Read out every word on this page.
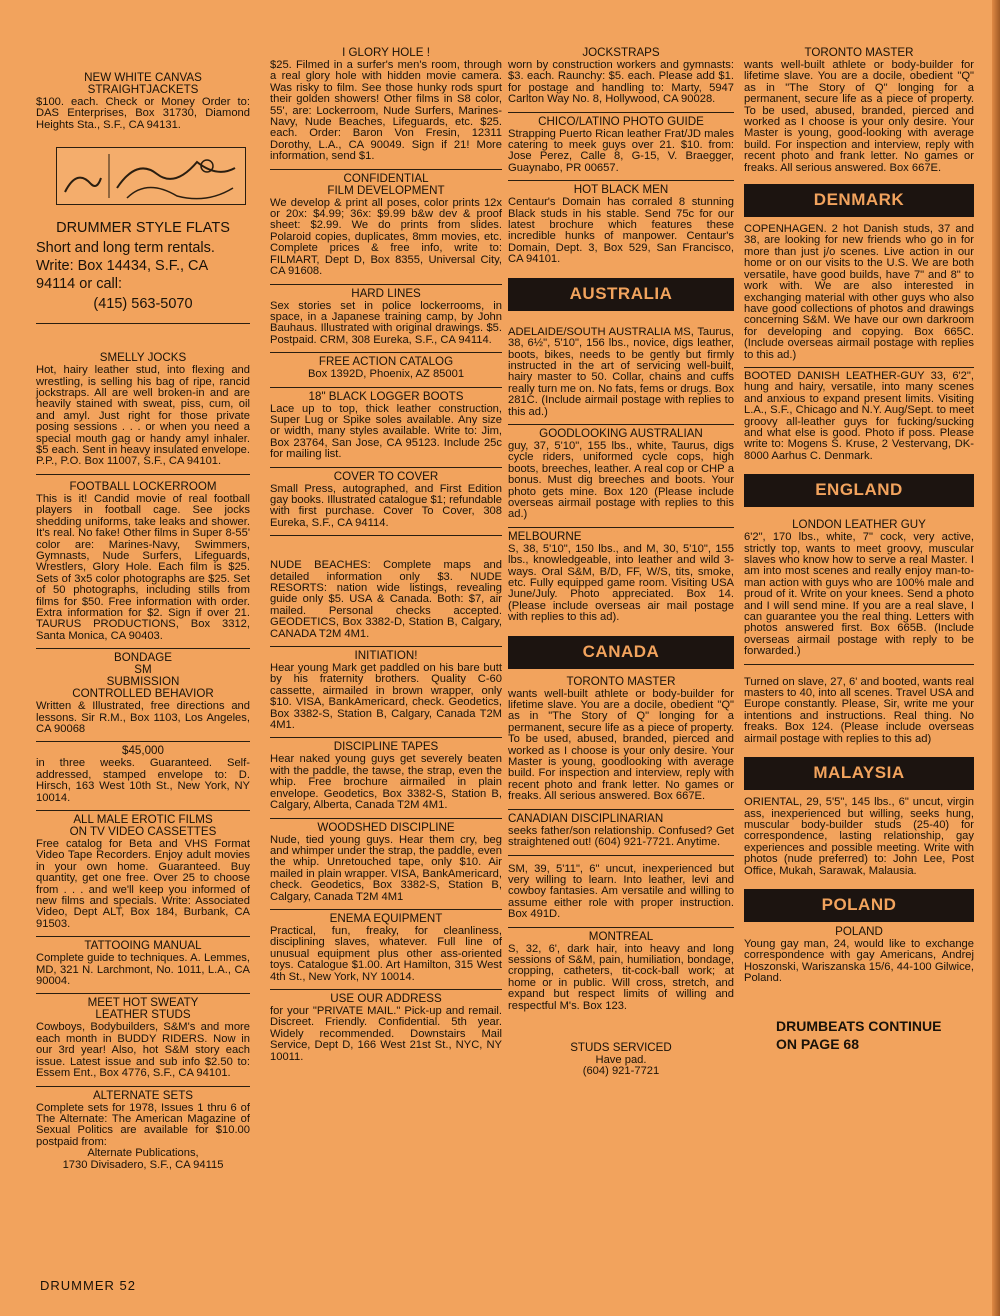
NEW WHITE CANVAS
STRAIGHTJACKETS
$100. each. Check or Money Order to: DAS Enterprises, Box 31730, Diamond Heights Sta., S.F., CA 94131.
DRUMMER STYLE FLATS
Short and long term rentals. Write: Box 14434, S.F., CA 94114 or call:
(415) 563-5070
SMELLY JOCKS
Hot, hairy leather stud, into flexing and wrestling, is selling his bag of ripe, rancid jockstraps. All are well broken-in and are heavily stained with sweat, piss, cum, oil and amyl. Just right for those private posing sessions . . . or when you need a special mouth gag or handy amyl inhaler. $5 each. Sent in heavy insulated envelope. P.P., P.O. Box 11007, S.F., CA 94101.
FOOTBALL LOCKERROOM
This is it! Candid movie of real football players in football cage. See jocks shedding uniforms, take leaks and shower. It's real. No fake! Other films in Super 8-55' color are: Marines-Navy, Swimmers, Gymnasts, Nude Surfers, Lifeguards, Wrestlers, Glory Hole. Each film is $25. Sets of 3x5 color photographs are $25. Set of 50 photographs, including stills from films for $50. Free information with order. Extra information for $2. Sign if over 21. TAURUS PRODUCTIONS, Box 3312, Santa Monica, CA 90403.
BONDAGE
SM
SUBMISSION
CONTROLLED BEHAVIOR
Written & Illustrated, free directions and lessons. Sir R.M., Box 1103, Los Angeles, CA 90068
$45,000
in three weeks. Guaranteed. Self-addressed, stamped envelope to: D. Hirsch, 163 West 10th St., New York, NY 10014.
ALL MALE EROTIC FILMS
ON TV VIDEO CASSETTES
Free catalog for Beta and VHS Format Video Tape Recorders. Enjoy adult movies in your own home. Guaranteed. Buy quantity, get one free. Over 25 to choose from . . . and we'll keep you informed of new films and specials. Write: Associated Video, Dept ALT, Box 184, Burbank, CA 91503.
TATTOOING MANUAL
Complete guide to techniques. A. Lemmes, MD, 321 N. Larchmont, No. 1011, L.A., CA 90004.
MEET HOT SWEATY
LEATHER STUDS
Cowboys, Bodybuilders, S&M's and more each month in BUDDY RIDERS. Now in our 3rd year! Also, hot S&M story each issue. Latest issue and sub info $2.50 to: Essem Ent., Box 4776, S.F., CA 94101.
ALTERNATE SETS
Complete sets for 1978, Issues 1 thru 6 of The Alternate: The American Magazine of Sexual Politics are available for $10.00 postpaid from:
Alternate Publications,
1730 Divisadero, S.F., CA 94115
I GLORY HOLE !
$25. Filmed in a surfer's men's room, through a real glory hole with hidden movie camera. Was risky to film. See those hunky rods spurt their golden showers! Other films in S8 color, 55', are: Lockerroom, Nude Surfers, Marines-Navy, Nude Beaches, Lifeguards, etc. $25. each. Order: Baron Von Fresin, 12311 Dorothy, L.A., CA 90049. Sign if 21! More information, send $1.
CONFIDENTIAL
FILM DEVELOPMENT
We develop & print all poses, color prints 12x or 20x: $4.99; 36x: $9.99 b&w dev & proof sheet: $2.99. We do prints from slides. Polaroid copies, duplicates, 8mm movies, etc. Complete prices & free info, write to: FILMART, Dept D, Box 8355, Universal City, CA 91608.
HARD LINES
Sex stories set in police lockerrooms, in space, in a Japanese training camp, by John Bauhaus. Illustrated with original drawings. $5. Postpaid. CRM, 308 Eureka, S.F., CA 94114.
FREE ACTION CATALOG
Box 1392D, Phoenix, AZ 85001
18" BLACK LOGGER BOOTS
Lace up to top, thick leather construction, Super Lug or Spike soles available. Any size or width, many styles available. Write to: Jim, Box 23764, San Jose, CA 95123. Include 25c for mailing list.
COVER TO COVER
Small Press, autographed, and First Edition gay books. Illustrated catalogue $1; refundable with first purchase. Cover To Cover, 308 Eureka, S.F., CA 94114.
NUDE BEACHES: Complete maps and detailed information only $3. NUDE RESORTS: nation wide listings, revealing guide only $5. USA & Canada. Both: $7, air mailed. Personal checks accepted. GEODETICS, Box 3382-D, Station B, Calgary, CANADA T2M 4M1.
INITIATION!
Hear young Mark get paddled on his bare butt by his fraternity brothers. Quality C-60 cassette, airmailed in brown wrapper, only $10. VISA, BankAmericard, check. Geodetics, Box 3382-S, Station B, Calgary, Canada T2M 4M1.
DISCIPLINE TAPES
Hear naked young guys get severely beaten with the paddle, the tawse, the strap, even the whip. Free brochure airmailed in plain envelope. Geodetics, Box 3382-S, Station B, Calgary, Alberta, Canada T2M 4M1.
WOODSHED DISCIPLINE
Nude, tied young guys. Hear them cry, beg and whimper under the strap, the paddle, even the whip. Unretouched tape, only $10. Air mailed in plain wrapper. VISA, BankAmericard, check. Geodetics, Box 3382-S, Station B, Calgary, Canada T2M 4M1
ENEMA EQUIPMENT
Practical, fun, freaky, for cleanliness, disciplining slaves, whatever. Full line of unusual equipment plus other ass-oriented toys. Catalogue $1.00. Art Hamilton, 315 West 4th St., New York, NY 10014.
USE OUR ADDRESS
for your "PRIVATE MAIL." Pick-up and remail. Discreet. Friendly. Confidential. 5th year. Widely recommended. Downstairs Mail Service, Dept D, 166 West 21st St., NYC, NY 10011.
JOCKSTRAPS
worn by construction workers and gymnasts: $3. each. Raunchy: $5. each. Please add $1. for postage and handling to: Marty, 5947 Carlton Way No. 8, Hollywood, CA 90028.
CHICO/LATINO PHOTO GUIDE
Strapping Puerto Rican leather Frat/JD males catering to meek guys over 21. $10. from: Jose Perez, Calle 8, G-15, V. Braegger, Guaynabo, PR 00657.
HOT BLACK MEN
Centaur's Domain has corraled 8 stunning Black studs in his stable. Send 75c for our latest brochure which features these incredible hunks of manpower. Centaur's Domain, Dept. 3, Box 529, San Francisco, CA 94101.
AUSTRALIA
ADELAIDE/SOUTH AUSTRALIA MS, Taurus, 38, 6½", 5'10", 156 lbs., novice, digs leather, boots, bikes, needs to be gently but firmly instructed in the art of servicing well-built, hairy master to 50. Collar, chains and cuffs really turn me on. No fats, fems or drugs. Box 281C. (Include airmail postage with replies to this ad.)
GOODLOOKING AUSTRALIAN
guy, 37, 5'10", 155 lbs., white, Taurus, digs cycle riders, uniformed cycle cops, high boots, breeches, leather. A real cop or CHP a bonus. Must dig breeches and boots. Your photo gets mine. Box 120 (Please include overseas airmail postage with replies to this ad.)
MELBOURNE
S, 38, 5'10", 150 lbs., and M, 30, 5'10", 155 lbs., knowledgeable, into leather and wild 3-ways. Oral S&M, B/D, FF, W/S, tits, smoke, etc. Fully equipped game room. Visiting USA June/July. Photo appreciated. Box 14. (Please include overseas air mail postage with replies to this ad).
CANADA
TORONTO MASTER
wants well-built athlete or body-builder for lifetime slave. You are a docile, obedient "Q" as in "The Story of Q" longing for a permanent, secure life as a piece of property. To be used, abused, branded, pierced and worked as I choose is your only desire. Your Master is young, goodlooking with average build. For inspection and interview, reply with recent photo and frank letter. No games or freaks. All serious answered. Box 667E.
CANADIAN DISCIPLINARIAN
seeks father/son relationship. Confused? Get straightened out! (604) 921-7721. Anytime.
SM, 39, 5'11", 6" uncut, inexperienced but very willing to learn. Into leather, levi and cowboy fantasies. Am versatile and willing to assume either role with proper instruction. Box 491D.
MONTREAL
S, 32, 6', dark hair, into heavy and long sessions of S&M, pain, humiliation, bondage, cropping, catheters, tit-cock-ball work; at home or in public. Will cross, stretch, and expand but respect limits of willing and respectful M's. Box 123.
STUDS SERVICED
Have pad.
(604) 921-7721
TORONTO MASTER
wants well-built athlete or body-builder for lifetime slave. You are a docile, obedient "Q" as in "The Story of Q" longing for a permanent, secure life as a piece of property. To be used, abused, branded, pierced and worked as I choose is your only desire. Your Master is young, good-looking with average build. For inspection and interview, reply with recent photo and frank letter. No games or freaks. All serious answered. Box 667E.
DENMARK
COPENHAGEN. 2 hot Danish studs, 37 and 38, are looking for new friends who go in for more than just j/o scenes. Live action in our home or on our visits to the U.S. We are both versatile, have good builds, have 7" and 8" to work with. We are also interested in exchanging material with other guys who also have good collections of photos and drawings concerning S&M. We have our own darkroom for developing and copying. Box 665C. (Include overseas airmail postage with replies to this ad.)
BOOTED DANISH LEATHER-GUY 33, 6'2", hung and hairy, versatile, into many scenes and anxious to expand present limits. Visiting L.A., S.F., Chicago and N.Y. Aug/Sept. to meet groovy all-leather guys for fucking/sucking and what else is good. Photo if poss. Please write to: Mogens S. Kruse, 2 Vestervang, DK-8000 Aarhus C. Denmark.
ENGLAND
LONDON LEATHER GUY
6'2", 170 lbs., white, 7" cock, very active, strictly top, wants to meet groovy, muscular slaves who know how to serve a real Master. I am into most scenes and really enjoy man-to-man action with guys who are 100% male and proud of it. Write on your knees. Send a photo and I will send mine. If you are a real slave, I can guarantee you the real thing. Letters with photos answered first. Box 665B. (Include overseas airmail postage with reply to be forwarded.)
Turned on slave, 27, 6' and booted, wants real masters to 40, into all scenes. Travel USA and Europe constantly. Please, Sir, write me your intentions and instructions. Real thing. No freaks. Box 124. (Please include overseas airmail postage with replies to this ad)
MALAYSIA
ORIENTAL, 29, 5'5", 145 lbs., 6" uncut, virgin ass, inexperienced but willing, seeks hung, muscular body-builder studs (25-40) for correspondence, lasting relationship, gay experiences and possible meeting. Write with photos (nude preferred) to: John Lee, Post Office, Mukah, Sarawak, Malausia.
POLAND
POLAND
Young gay man, 24, would like to exchange correspondence with gay Americans, Andrej Hoszonski, Wariszanska 15/6, 44-100 Gilwice, Poland.
DRUMBEATS CONTINUE
ON PAGE 68
DRUMMER 52
